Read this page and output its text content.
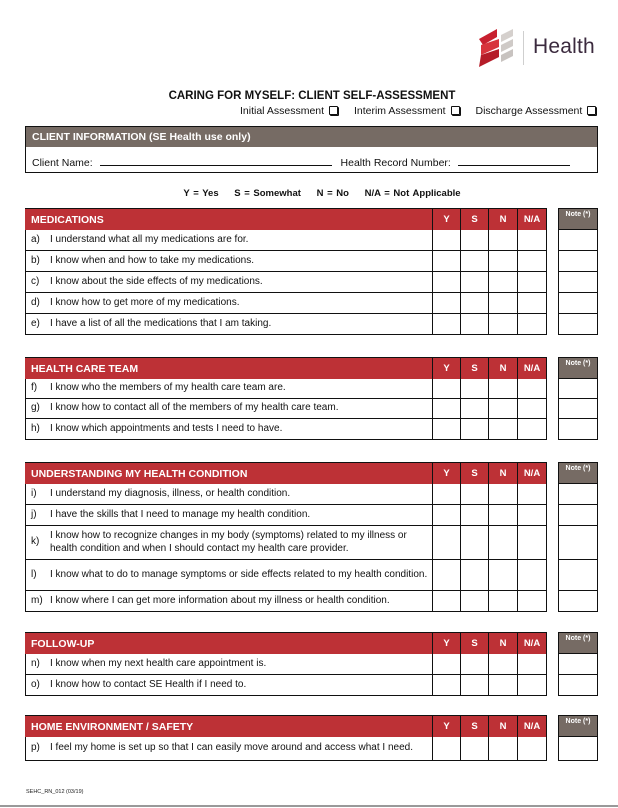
Health
CARING FOR MYSELF: CLIENT SELF-ASSESSMENT
Initial Assessment	Interim Assessment	Discharge Assessment
CLIENT INFORMATION (SE Health use only)
Client Name:	Health Record Number:
Y = Yes S = Somewhat N = No N/A = Not Applicable
MEDICATIONS	Y	S	N	N/A
a)	I understand what all my medications are for.
b)	I know when and how to take my medications.
c)	I know about the side effects of my medications.
d)	I know how to get more of my medications.
e)	I have a list of all the medications that I am taking.
Note (*)
HEALTH CARE TEAM	Y	S	N	N/A
f)	I know who the members of my health care team are.
g)	I know how to contact all of the members of my health care team.
h)	I know which appointments and tests I need to have.
Note (*)
UNDERSTANDING MY HEALTH CONDITION	Y	S	N	N/A
i)	I understand my diagnosis, illness, or health condition.
j)	I have the skills that I need to manage my health condition.
k)
I know how to recognize changes in my body (symptoms) related to my illness or health condition and when I should contact my health care provider.
l)	I know what to do to manage symptoms or side effects related to my health condition.
m) I know where I can get more information about my illness or health condition.
Note (*)
FOLLOW-UP	Y	S	N	N/A
n)	I know when my next health care appointment is.
o)	I know how to contact SE Health if I need to.
Note (*)
HOME ENVIRONMENT / SAFETY	Y	S	N	N/A
p)	I feel my home is set up so that I can easily move around and access what I need.
Note (*)
SEHC_RN_012 (03/19)
